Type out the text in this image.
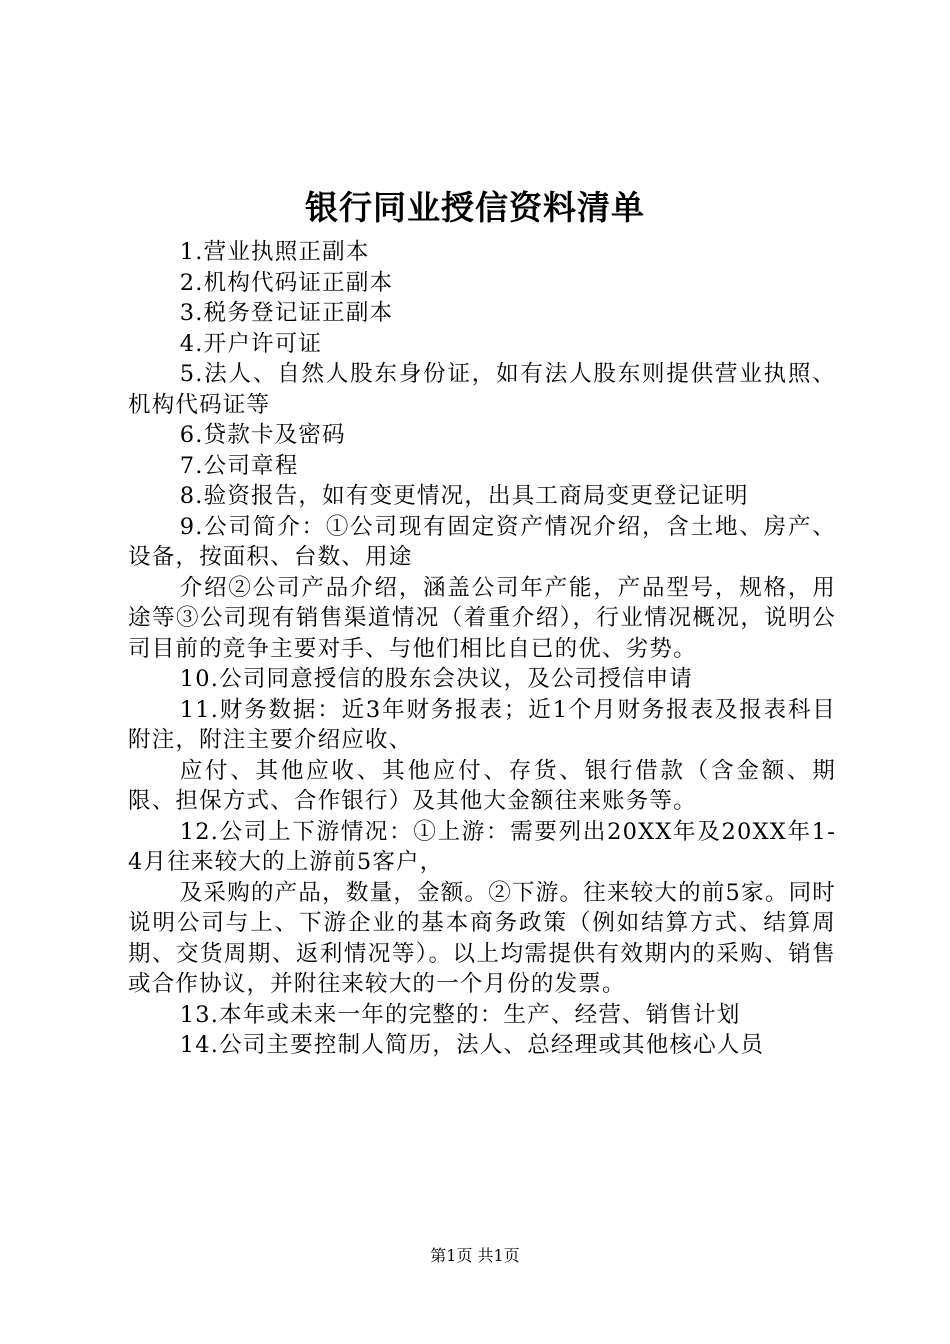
银行同业授信资料清单

1.营业执照正副本

2.机构代码证正副本

3.税务登记证正副本

4.开户许可证

5.法人、自然人股东身份证，如有法人股东则提供营业执照、机构代码证等

6.贷款卡及密码

7.公司章程

8.验资报告，如有变更情况，出具工商局变更登记证明

9.公司简介：①公司现有固定资产情况介绍，含土地、房产、设备，按面积、台数、用途

介绍②公司产品介绍，涵盖公司年产能，产品型号，规格，用途等③公司现有销售渠道情况（着重介绍），行业情况概况，说明公司目前的竞争主要对手、与他们相比自已的优、劣势。

10.公司同意授信的股东会决议，及公司授信申请

11.财务数据：近3年财务报表；近1个月财务报表及报表科目附注，附注主要介绍应收、

应付、其他应收、其他应付、存货、银行借款（含金额、期限、担保方式、合作银行）及其他大金额往来账务等。

12.公司上下游情况：①上游：需要列出20XX年及20XX年1-4月往来较大的上游前5客户，

及采购的产品，数量，金额。②下游。往来较大的前5家。同时说明公司与上、下游企业的基本商务政策（例如结算方式、结算周期、交货周期、返利情况等）。以上均需提供有效期内的采购、销售或合作协议，并附往来较大的一个月份的发票。

13.本年或未来一年的完整的：生产、经营、销售计划

14.公司主要控制人简历，法人、总经理或其他核心人员

第1页 共1页
